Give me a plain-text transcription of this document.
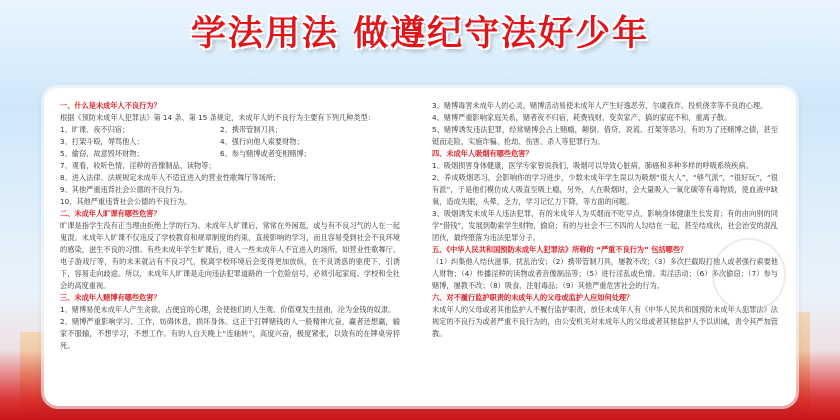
学法用法 做遵纪守法好少年

一、什么是未成年人不良行为？

根据《预防未成年人犯罪法》第 14 条、第 15 条规定，未成年人的不良行为主要有下列几种类型：

1、旷课、夜不归宿；	2、携带管制刀具；
3、打架斗殴，辱骂他人；	4、强行向他人索要财物；
5、偷窃，故意毁坏财物；	6、参与赌博或者变相赌博；

7、观看，收听色情、淫秽的音像制品、读物等；

8、进入法律、法规规定未成年人不适宜进入的营业性歌舞厅等场所；

9、其他严重违背社会公德的不良行为。

10、其他严重违背社会公德的不良行为。

二、未成年人旷课有哪些危害？

旷课是指学生没有正当理由拒绝上学的行为。未成年人旷课后，常常在外闲逛，或与有不良习气的人在一起鬼混。未成年人旷课不仅违反了学校教育和规章制度的约束，直接影响的学习，而且容易受到社会不良环境的感染，滋生不良的习惯。有些未成年学生旷课后，进入一些未成年人不宜进入的场所，如营业性歌舞厅、电子游戏厅等，有的未来就沾有不良习气，脱离学校环境后会变得更加放纵，在不良诱惑的驱使下，引诱下，容易走向歧途。所以，未成年人旷课是走向违法犯罪道路的一个危险信号，必须引起家庭、学校和全社会的高度重视。

三、未成年人赌博有哪些危害？

1、赌博易使未成年人产生贪欲、占便宜的心理，会使他们的人生观、价值观发生扭曲，沦为金钱的奴隶。

2、赌博严重影响学习、工作，妨碍休息，损坏身体。这正于打牌赌钱的人一般精神亢奋，赢者还想赢，输家不服输，不想学习，不想工作。有的人白天晚上“连轴转”，高度兴奋，极度紧张，以致有的在牌桌旁猝死。

3、赌博毒害未成年人的心灵，赌博活动易使未成年人产生好逸恶劳、尔虞我诈、投机侥幸等不良的心理。

4、赌博严重影响家庭关系，赌者夜不归宿，耗费钱财，变卖家产，搞的家庭不和，重离子散。

5、赌博诱发违法犯罪，经常赌博会占上赌瘾，颠倒、借贷、说谎、打架等恶习，有的为了还赌博之债，甚至铤而走险，实施诈骗、抢劫、伤害、杀人等犯罪行为。

四、未成年人吸烟有哪些危害？

1、吸烟损害身体健康，医学专家曾说我们，吸烟可以导致心脏病，肺癌和多种多样的呼吸系统疾病。

2、养成吸烟恶习，会影响你的学习进步，少数未成年学生误以为吸烟“很大人”，“够气派”，“很好玩”，“很有派”，于是他们模仿成人吸直至吸上瘾，另外，人在吸烟时，会大量吸入一氧化碳等有毒物质，使血液中缺氧，造成失眠，头晕，乏力，学习记忆力下降，等方面的问题。

3、吸烟诱发未成年人违法犯罪，有的未成年人为买烟而不吃早点，影响身体健康生长发育；有的由向别的同学“借钱”，发展到勒索学生财物，偷窃；有的与社会不三不四的人勾结在一起，甚至结成伙，社会治安的混乱团伙，最终堕落为违法犯罪分子。

五、《中华人民共和国预防未成年人犯罪法》所称的 “严重不良行为” 包括哪些？

（1）纠集他人结伙滋事，扰乱治安；（2）携带管制刀具，屡教不改；（3）多次拦截殴打他人或者强行索要他人财物；（4）传播淫秽的读物或者音像制品等；（5）进行淫乱或色情、卖淫活动；（6）多次偷窃；（7）参与赌博，屡教不改；（8）吸食、注射毒品；（9）其他严重危害社会的行为。

六、对不履行监护职责的未成年人的父母或监护人应如何处理？

未成年人的父母或者其他监护人不履行监护职责，放任未成年人有《中华人民共和国预防未成年人犯罪法》法规定的不良行为或者严重不良行为的，由公安机关对未成年人的父母或者其他监护人予以训诫，责令其严加管教。
